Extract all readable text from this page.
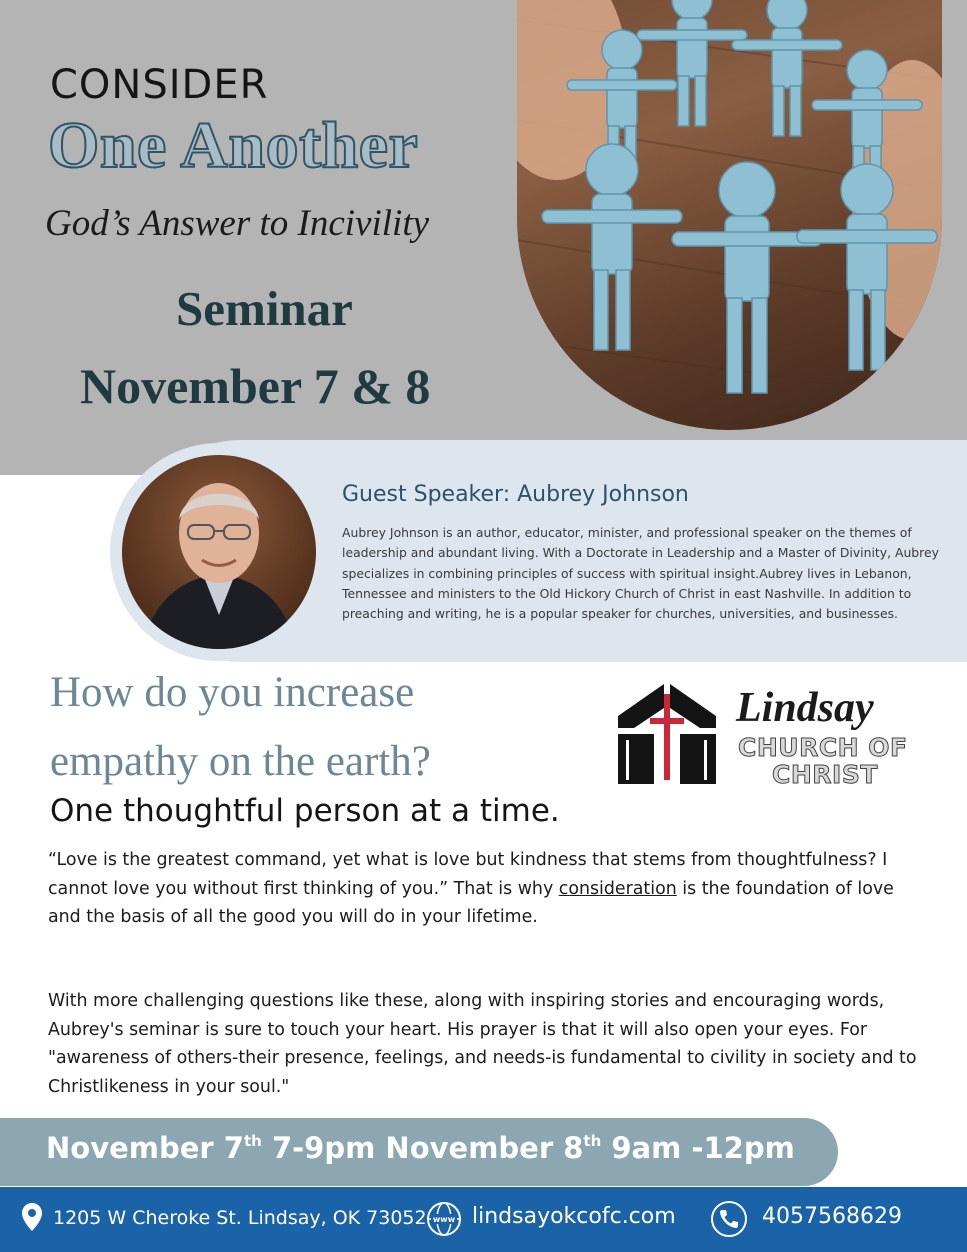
CONSIDER
One Another
God’s Answer to Incivility
Seminar
November 7 & 8
Guest Speaker: Aubrey Johnson
Aubrey Johnson is an author, educator, minister, and professional speaker on the themes of leadership and abundant living. With a Doctorate in Leadership and a Master of Divinity, Aubrey specializes in combining principles of success with spiritual insight.Aubrey lives in Lebanon, Tennessee and ministers to the Old Hickory Church of Christ in east Nashville. In addition to preaching and writing, he is a popular speaker for churches, universities, and businesses.
How do you increase
empathy on the earth?
One thoughtful person at a time.
Lindsay
CHURCH OF
CHRIST
“Love is the greatest command, yet what is love but kindness that stems from thoughtfulness? I cannot love you without first thinking of you.” That is why consideration is the foundation of love and the basis of all the good you will do in your lifetime.
With more challenging questions like these, along with inspiring stories and encouraging words, Aubrey's seminar is sure to touch your heart. His prayer is that it will also open your eyes. For "awareness of others-their presence, feelings, and needs-is fundamental to civility in society and to Christlikeness in your soul."
November 7th 7-9pm November 8th 9am -12pm
1205 W Cheroke St. Lindsay, OK 73052 www lindsayokcofc.com	4057568629
